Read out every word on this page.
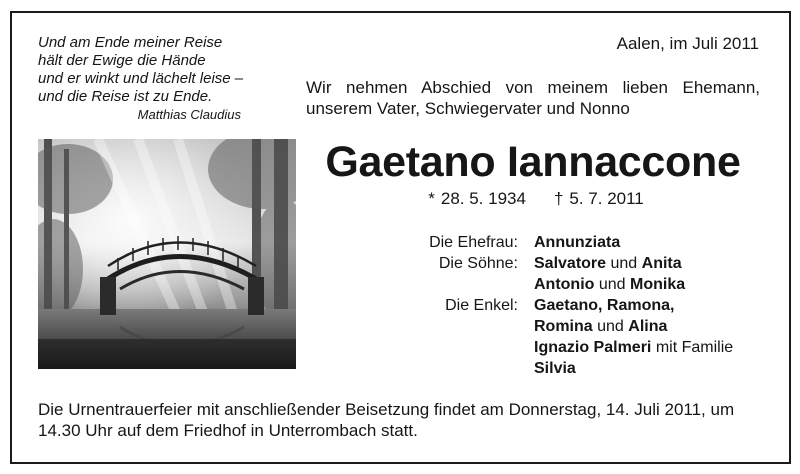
Und am Ende meiner Reise
hält der Ewige die Hände
und er winkt und lächelt leise –
und die Reise ist zu Ende.
Matthias Claudius
Aalen, im Juli 2011
Wir nehmen Abschied von meinem lieben Ehemann,
unserem Vater, Schwiegervater und Nonno
Gaetano Iannaccone
* 28. 5. 1934 † 5. 7. 2011
Die Ehefrau:	Annunziata
Die Söhne:	Salvatore und Anita
Antonio und Monika
Die Enkel:	Gaetano, Ramona,
Romina und Alina
Ignazio Palmeri mit Familie
Silvia
Die Urnentrauerfeier mit anschließender Beisetzung findet am Donnerstag, 14. Juli 2011, um
14.30 Uhr auf dem Friedhof in Unterrombach statt.
